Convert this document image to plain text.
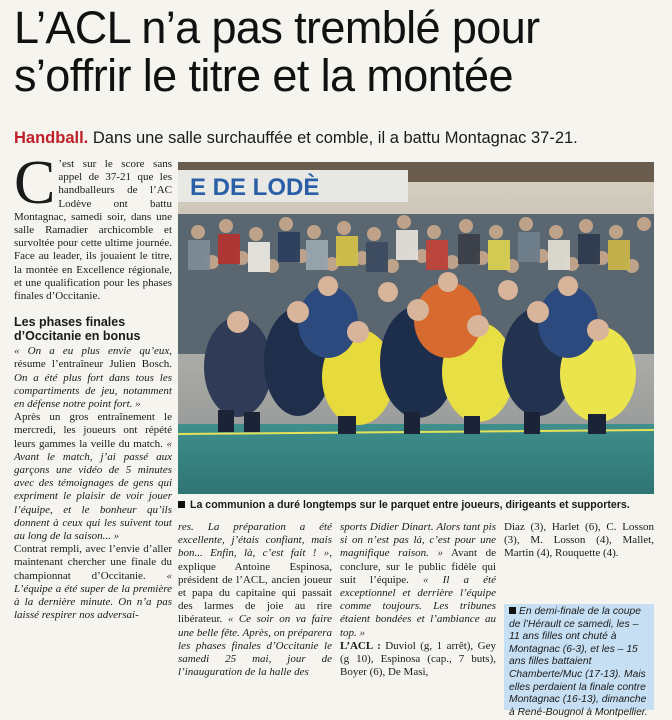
L’ACL n’a pas tremblé pour
s’offrir le titre et la montée
Handball. Dans une salle surchauffée et comble, il a battu Montagnac 37-21.

C ’est sur le score sans appel de 37-21 que les handballeurs de l’AC Lodève ont battu Montagnac, samedi soir, dans une salle Ramadier archicomble et survoltée pour cette ultime journée. Face au leader, ils jouaient le titre, la montée en Excellence régionale, et une qualification pour les phases finales d’Occitanie.

Les phases finales d’Occitanie en bonus

« On a eu plus envie qu’eux, résume l’entraîneur Julien Bosch. On a été plus fort dans tous les compartiments de jeu, notamment en défense notre point fort. »

Après un gros entraînement le mercredi, les joueurs ont répété leurs gammes la veille du match. « Avant le match, j’ai passé aux garçons une vidéo de 5 minutes avec des témoignages de gens qui expriment le plaisir de voir jouer l’équipe, et le bonheur qu’ils donnent à ceux qui les suivent tout au long de la saison... »

Contrat rempli, avec l’envie d’aller maintenant chercher une finale du championnat d’Occitanie. « L’équipe a été super de la première à la dernière minute. On n’a pas laissé respirer nos adversai-

E DE LODÈ
La communion a duré longtemps sur le parquet entre joueurs, dirigeants et supporters.

res. La préparation a été excellente, j’étais confiant, mais bon... Enfin, là, c’est fait ! », explique Antoine Espinosa, président de l’ACL, ancien joueur et papa du capitaine qui passait des larmes de joie au rire libérateur. « Ce soir on va faire une belle fête. Après, on préparera les phases finales d’Occitanie le samedi 25 mai, jour de l’inauguration de la halle des

sports Didier Dinart. Alors tant pis si on n’est pas là, c’est pour une magnifique raison. » Avant de conclure, sur le public fidèle qui suit l’équipe. « Il a été exceptionnel et derrière l’équipe comme toujours. Les tribunes étaient bondées et l’ambiance au top. »

L’ACL : Duviol (g, 1 arrêt), Gey (g 10), Espinosa (cap., 7 buts), Boyer (6), De Masi,

Diaz (3), Harlet (6), C. Losson (3), M. Losson (4), Mallet, Martin (4), Rouquette (4).

En demi-finale de la coupe de l’Hérault ce samedi, les – 11 ans filles ont chuté à Montagnac (6-3), et les – 15 ans filles battaient Chamberte/Muc (17-13). Mais elles perdaient la finale contre Montagnac (16-13), dimanche à René-Bougnol à Montpellier.
